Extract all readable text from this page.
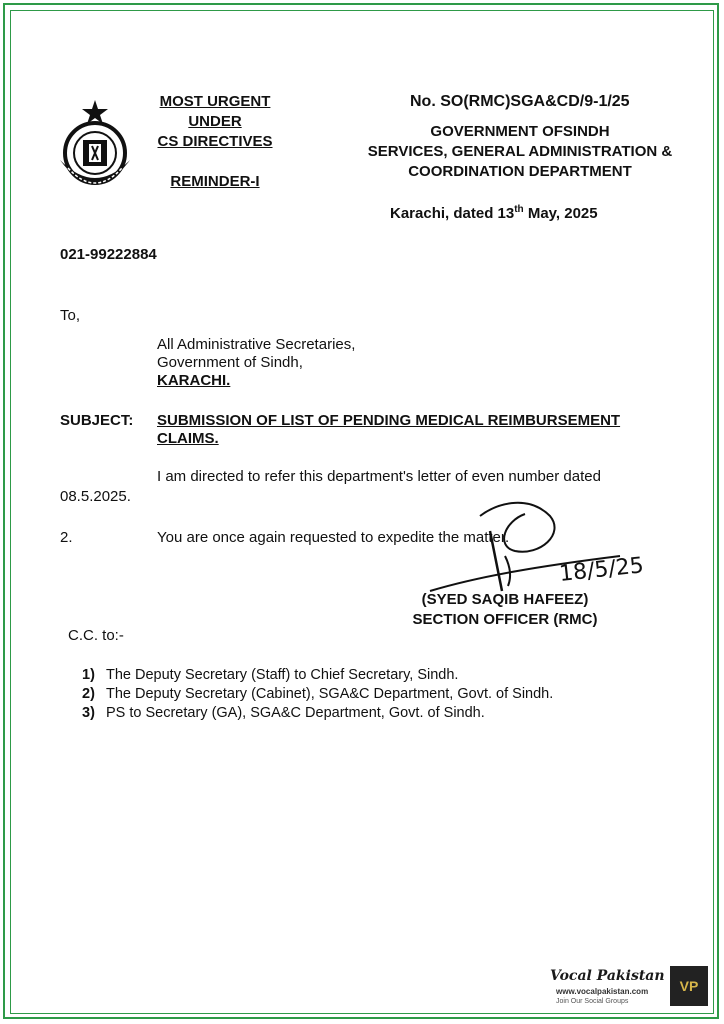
MOST URGENT
UNDER
CS DIRECTIVES
REMINDER-I
No. SO(RMC)SGA&CD/9-1/25
GOVERNMENT OFSINDH
SERVICES, GENERAL ADMINISTRATION &
COORDINATION DEPARTMENT
Karachi, dated 13th May, 2025
021-99222884
To,
All Administrative Secretaries,
Government of Sindh,
KARACHI.
SUBJECT: SUBMISSION OF LIST OF PENDING MEDICAL REIMBURSEMENT CLAIMS.
I am directed to refer this department's letter of even number dated 08.5.2025.
2.	You are once again requested to expedite the matter.
18/5/25
(SYED SAQIB HAFEEZ)
SECTION OFFICER (RMC)
C.C. to:-
1) The Deputy Secretary (Staff) to Chief Secretary, Sindh.
2) The Deputy Secretary (Cabinet), SGA&C Department, Govt. of Sindh.
3) PS to Secretary (GA), SGA&C Department, Govt. of Sindh.
Vocal Pakistan
www.vocalpakistan.com
Join Our Social Groups
VP
